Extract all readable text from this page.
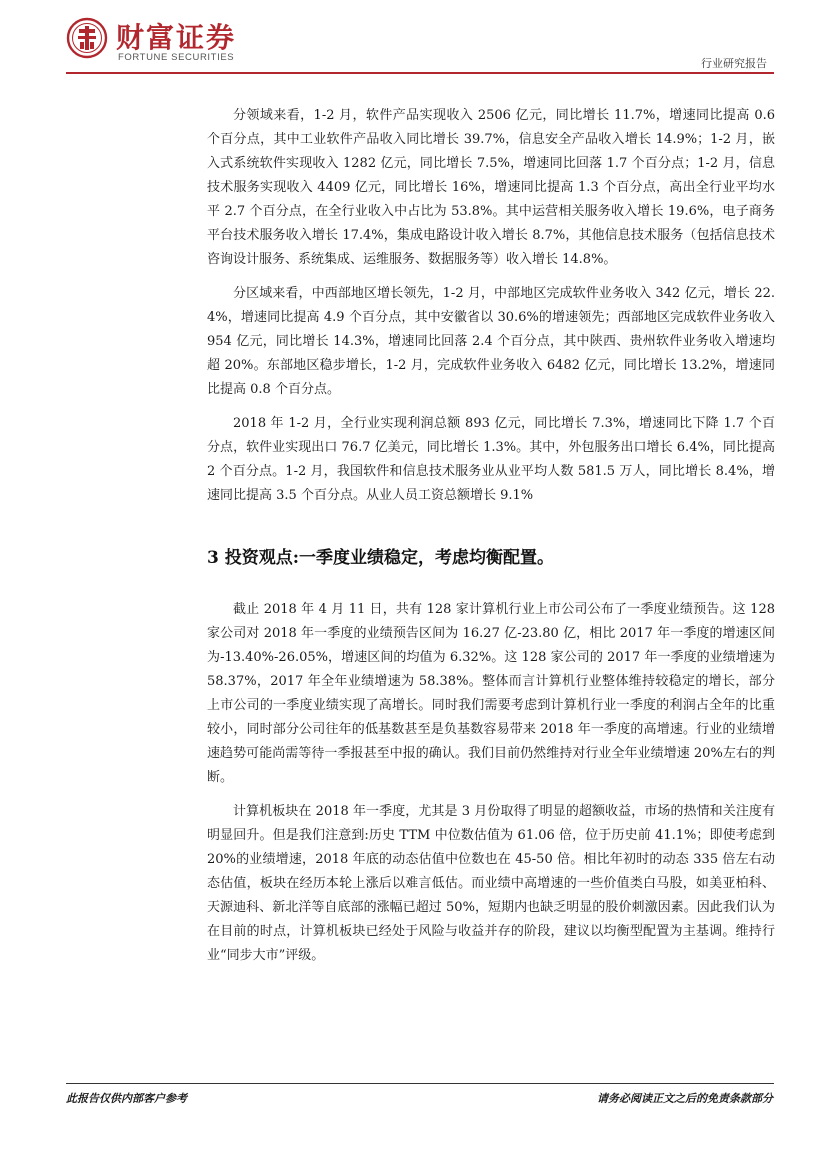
财富证券
FORTUNE SECURITIES	行业研究报告

分领域来看，1-2 月，软件产品实现收入 2506 亿元，同比增长 11.7%，增速同比提高 0.6 个百分点，其中工业软件产品收入同比增长 39.7%，信息安全产品收入增长 14.9%；1-2 月，嵌入式系统软件实现收入 1282 亿元，同比增长 7.5%，增速同比回落 1.7 个百分点；1-2 月，信息技术服务实现收入 4409 亿元，同比增长 16%，增速同比提高 1.3 个百分点，高出全行业平均水平 2.7 个百分点，在全行业收入中占比为 53.8%。其中运营相关服务收入增长 19.6%，电子商务平台技术服务收入增长 17.4%，集成电路设计收入增长 8.7%，其他信息技术服务（包括信息技术咨询设计服务、系统集成、运维服务、数据服务等）收入增长 14.8%。

分区域来看，中西部地区增长领先，1-2 月，中部地区完成软件业务收入 342 亿元，增长 22.4%，增速同比提高 4.9 个百分点，其中安徽省以 30.6%的增速领先；西部地区完成软件业务收入 954 亿元，同比增长 14.3%，增速同比回落 2.4 个百分点，其中陕西、贵州软件业务收入增速均超 20%。东部地区稳步增长，1-2 月，完成软件业务收入 6482 亿元，同比增长 13.2%，增速同比提高 0.8 个百分点。

2018 年 1-2 月，全行业实现利润总额 893 亿元，同比增长 7.3%，增速同比下降 1.7 个百分点，软件业实现出口 76.7 亿美元，同比增长 1.3%。其中，外包服务出口增长 6.4%，同比提高 2 个百分点。1-2 月，我国软件和信息技术服务业从业平均人数 581.5 万人，同比增长 8.4%，增速同比提高 3.5 个百分点。从业人员工资总额增长 9.1%

3 投资观点:一季度业绩稳定，考虑均衡配置。

截止 2018 年 4 月 11 日，共有 128 家计算机行业上市公司公布了一季度业绩预告。这 128 家公司对 2018 年一季度的业绩预告区间为 16.27 亿-23.80 亿，相比 2017 年一季度的增速区间为-13.40%-26.05%，增速区间的均值为 6.32%。这 128 家公司的 2017 年一季度的业绩增速为 58.37%，2017 年全年业绩增速为 58.38%。整体而言计算机行业整体维持较稳定的增长，部分上市公司的一季度业绩实现了高增长。同时我们需要考虑到计算机行业一季度的利润占全年的比重较小，同时部分公司往年的低基数甚至是负基数容易带来 2018 年一季度的高增速。行业的业绩增速趋势可能尚需等待一季报甚至中报的确认。我们目前仍然维持对行业全年业绩增速 20%左右的判断。

计算机板块在 2018 年一季度，尤其是 3 月份取得了明显的超额收益，市场的热情和关注度有明显回升。但是我们注意到:历史 TTM 中位数估值为 61.06 倍，位于历史前 41.1%；即使考虑到 20%的业绩增速，2018 年底的动态估值中位数也在 45-50 倍。相比年初时的动态 335 倍左右动态估值，板块在经历本轮上涨后以难言低估。而业绩中高增速的一些价值类白马股，如美亚柏科、天源迪科、新北洋等自底部的涨幅已超过 50%，短期内也缺乏明显的股价刺激因素。因此我们认为在目前的时点，计算机板块已经处于风险与收益并存的阶段，建议以均衡型配置为主基调。维持行业“同步大市”评级。

此报告仅供内部客户参考	请务必阅读正文之后的免责条款部分
